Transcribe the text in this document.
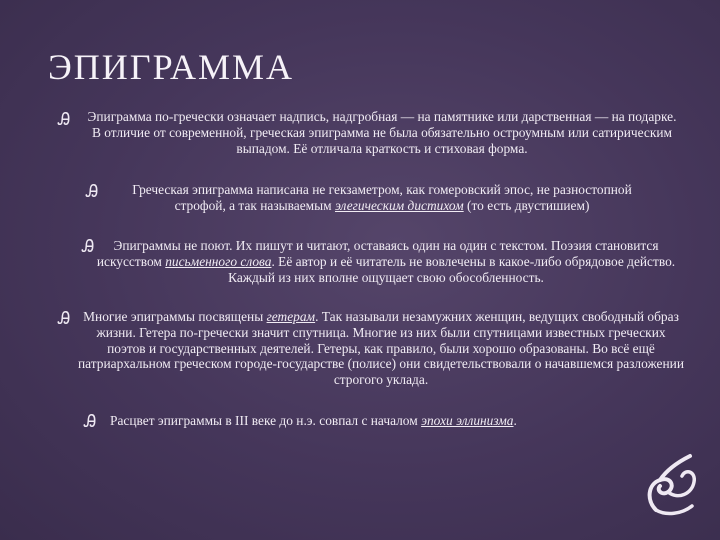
ЭПИГРАММА
Ꭿ Эпиграмма по-гречески означает надпись, надгробная — на памятнике или дарственная — на подарке. В отличие от современной, греческая эпиграмма не была обязательно остроумным или сатирическим выпадом. Её отличала краткость и стиховая форма.
Ꭿ	Греческая эпиграмма написана не гекзаметром, как гомеровский эпос, не разностопной строфой, а так называемым элегическим дистихом (то есть двустишием)
Ꭿ	Эпиграммы не поют. Их пишут и читают, оставаясь один на один с текстом. Поэзия становится искусством письменного слова. Её автор и её читатель не вовлечены в какое-либо обрядовое действо. Каждый из них вполне ощущает свою обособленность.
Ꭿ Многие эпиграммы посвящены гетерам. Так называли незамужних женщин, ведущих свободный образ жизни. Гетера по-гречески значит спутница. Многие из них были спутницами известных греческих поэтов и государственных деятелей. Гетеры, как правило, были хорошо образованы. Во всё ещё патриархальном греческом городе-государстве (полисе) они свидетельствовали о начавшемся разложении строгого уклада.
Ꭿ Расцвет эпиграммы в III веке до н.э. совпал с началом эпохи эллинизма.
